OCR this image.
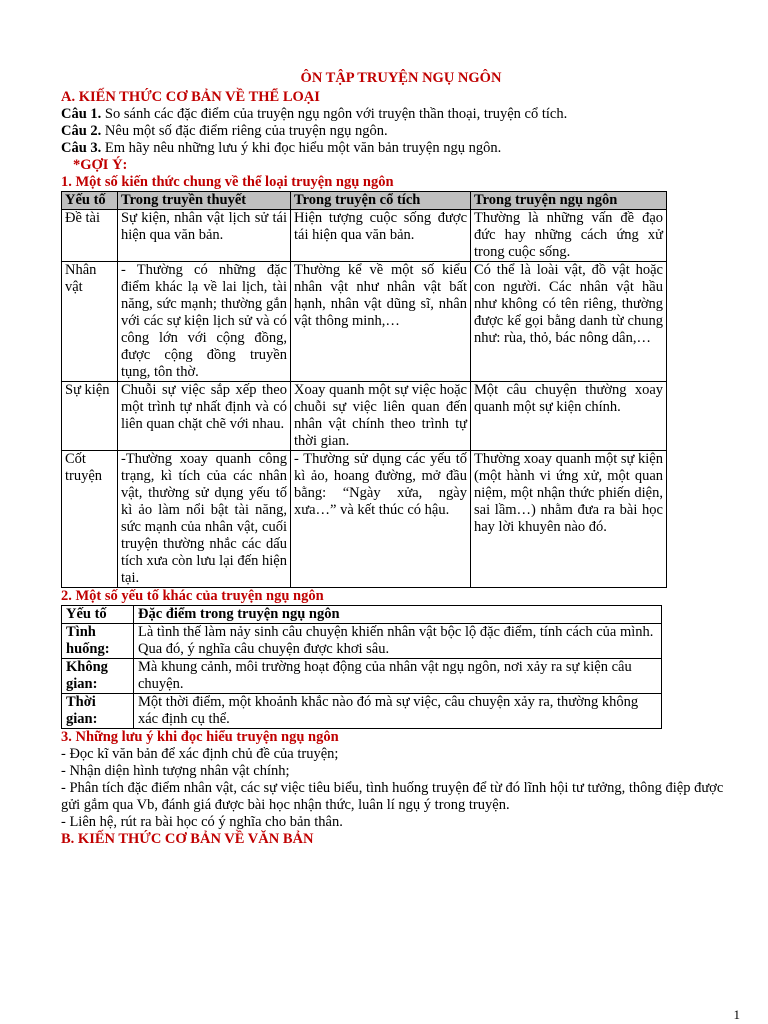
ÔN TẬP TRUYỆN NGỤ NGÔN

A. KIẾN THỨC CƠ BẢN VỀ THỂ LOẠI

Câu 1. So sánh các đặc điểm của truyện ngụ ngôn với truyện thần thoại, truyện cổ tích.

Câu 2. Nêu một số đặc điểm riêng của truyện ngụ ngôn.

Câu 3. Em hãy nêu những lưu ý khi đọc hiểu một văn bản truyện ngụ ngôn.

*GỢI Ý:

1. Một số kiến thức chung về thể loại truyện ngụ ngôn

Yếu tố	Trong truyền thuyết	Trong truyện cổ tích	Trong truyện ngụ ngôn
Đề tài	Sự kiện, nhân vật lịch sử tái hiện qua văn bản.	Hiện tượng cuộc sống được tái hiện qua văn bản.	Thường là những vấn đề đạo đức hay những cách ứng xử trong cuộc sống.
Nhân vật	- Thường có những đặc điểm khác lạ về lai lịch, tài năng, sức mạnh; thường gắn với các sự kiện lịch sử và có công lớn với cộng đồng, được cộng đồng truyền tụng, tôn thờ.	Thường kể về một số kiểu nhân vật như nhân vật bất hạnh, nhân vật dũng sĩ, nhân vật thông minh,…	Có thể là loài vật, đồ vật hoặc con người. Các nhân vật hầu như không có tên riêng, thường được kể gọi bằng danh từ chung như: rùa, thỏ, bác nông dân,…
Sự kiện	Chuỗi sự việc sắp xếp theo một trình tự nhất định và có liên quan chặt chẽ với nhau.	Xoay quanh một sự việc hoặc chuỗi sự việc liên quan đến nhân vật chính theo trình tự thời gian.	Một câu chuyện thường xoay quanh một sự kiện chính.
Cốt truyện	-Thường xoay quanh công trạng, kì tích của các nhân vật, thường sử dụng yếu tố kì ảo làm nổi bật tài năng, sức mạnh của nhân vật, cuối truyện thường nhắc các dấu tích xưa còn lưu lại đến hiện tại.	- Thường sử dụng các yếu tố kì ảo, hoang đường, mở đầu bằng: “Ngày xửa, ngày xưa…” và kết thúc có hậu.	Thường xoay quanh một sự kiện (một hành vi ứng xử, một quan niệm, một nhận thức phiến diện, sai lầm…) nhằm đưa ra bài học hay lời khuyên nào đó.

2. Một số yếu tố khác của truyện ngụ ngôn

Yếu tố	Đặc điểm trong truyện ngụ ngôn
Tình huống:	Là tình thế làm nảy sinh câu chuyện khiến nhân vật bộc lộ đặc điểm, tính cách của mình. Qua đó, ý nghĩa câu chuyện được khơi sâu.
Không gian:	Mà khung cảnh, môi trường hoạt động của nhân vật ngụ ngôn, nơi xảy ra sự kiện câu chuyện.
Thời gian:	Một thời điểm, một khoảnh khắc nào đó mà sự việc, câu chuyện xảy ra, thường không xác định cụ thể.

3. Những lưu ý khi đọc hiểu truyện ngụ ngôn

- Đọc kĩ văn bản để xác định chủ đề của truyện;

- Nhận diện hình tượng nhân vật chính;

- Phân tích đặc điểm nhân vật, các sự việc tiêu biểu, tình huống truyện để từ đó lĩnh hội tư tưởng, thông điệp được gửi gắm qua Vb, đánh giá được bài học nhận thức, luân lí ngụ ý trong truyện.

- Liên hệ, rút ra bài học có ý nghĩa cho bản thân.

B. KIẾN THỨC CƠ BẢN VỀ VĂN BẢN

1
